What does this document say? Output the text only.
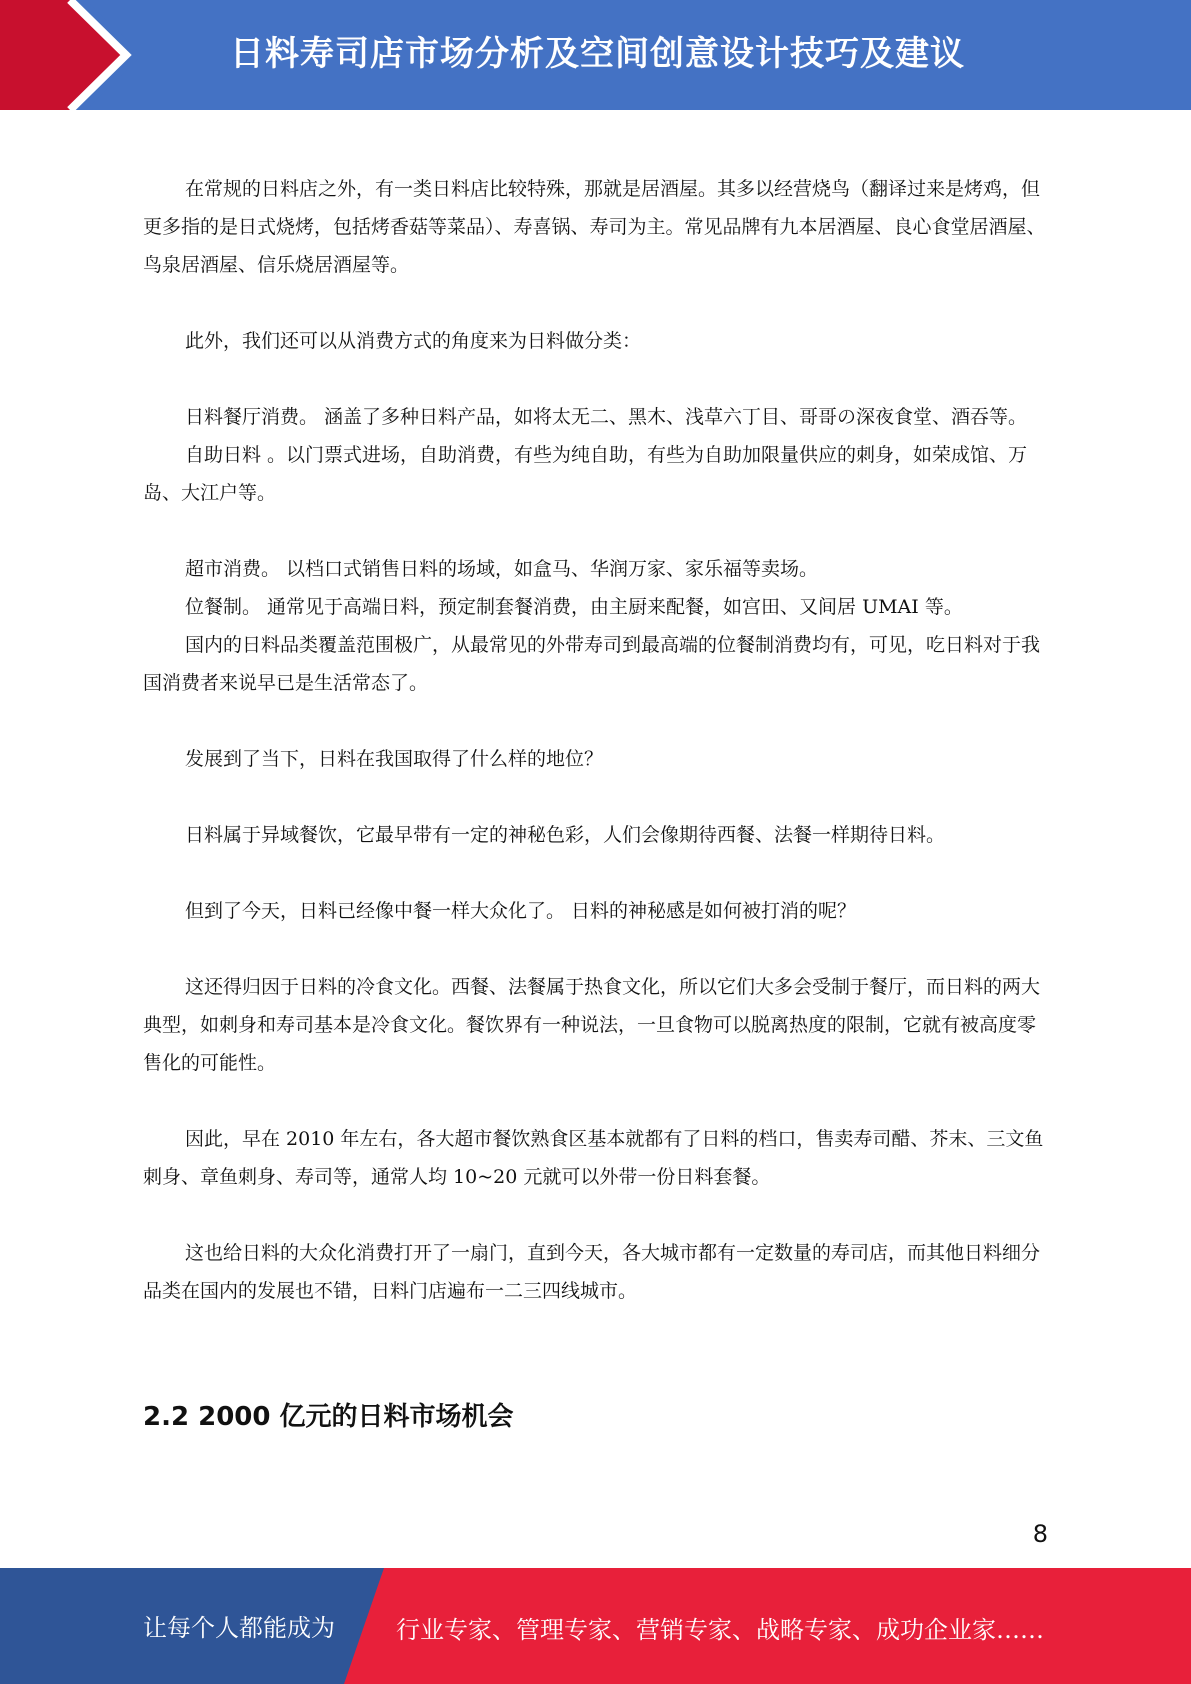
日料寿司店市场分析及空间创意设计技巧及建议

在常规的日料店之外，有一类日料店比较特殊，那就是居酒屋。其多以经营烧鸟（翻译过来是烤鸡，但更多指的是日式烧烤，包括烤香菇等菜品）、寿喜锅、寿司为主。常见品牌有九本居酒屋、良心食堂居酒屋、鸟泉居酒屋、信乐烧居酒屋等。

此外，我们还可以从消费方式的角度来为日料做分类：

日料餐厅消费。 涵盖了多种日料产品，如将太无二、黑木、浅草六丁目、哥哥の深夜食堂、酒吞等。

自助日料 。以门票式进场，自助消费，有些为纯自助，有些为自助加限量供应的刺身，如荣成馆、万岛、大江户等。

超市消费。 以档口式销售日料的场域，如盒马、华润万家、家乐福等卖场。

位餐制。 通常见于高端日料，预定制套餐消费，由主厨来配餐，如宫田、又间居 UMAI 等。

国内的日料品类覆盖范围极广，从最常见的外带寿司到最高端的位餐制消费均有，可见，吃日料对于我国消费者来说早已是生活常态了。

发展到了当下，日料在我国取得了什么样的地位？

日料属于异域餐饮，它最早带有一定的神秘色彩，人们会像期待西餐、法餐一样期待日料。

但到了今天，日料已经像中餐一样大众化了。 日料的神秘感是如何被打消的呢？

这还得归因于日料的冷食文化。西餐、法餐属于热食文化，所以它们大多会受制于餐厅，而日料的两大典型，如刺身和寿司基本是冷食文化。餐饮界有一种说法，一旦食物可以脱离热度的限制，它就有被高度零售化的可能性。

因此，早在 2010 年左右，各大超市餐饮熟食区基本就都有了日料的档口，售卖寿司醋、芥末、三文鱼刺身、章鱼刺身、寿司等，通常人均 10~20 元就可以外带一份日料套餐。

这也给日料的大众化消费打开了一扇门，直到今天，各大城市都有一定数量的寿司店，而其他日料细分品类在国内的发展也不错，日料门店遍布一二三四线城市。

2.2 2000 亿元的日料市场机会
8
让每个人都能成为	行业专家、管理专家、营销专家、战略专家、成功企业家……
